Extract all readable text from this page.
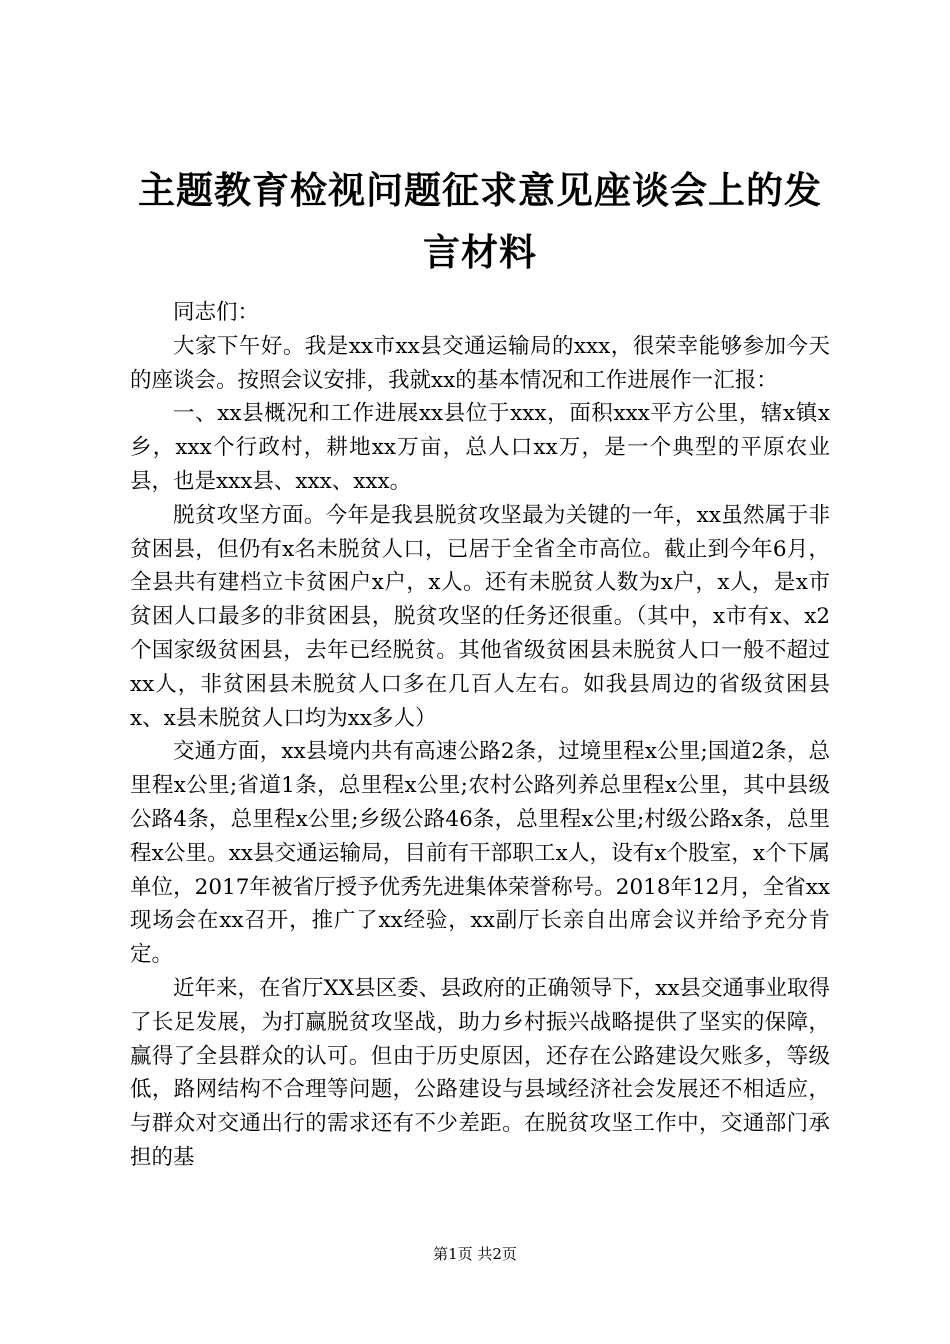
主题教育检视问题征求意见座谈会上的发言材料

同志们：

大家下午好。我是xx市xx县交通运输局的xxx，很荣幸能够参加今天的座谈会。按照会议安排，我就xx的基本情况和工作进展作一汇报：

一、xx县概况和工作进展xx县位于xxx，面积xxx平方公里，辖x镇x乡，xxx个行政村，耕地xx万亩，总人口xx万，是一个典型的平原农业县，也是xxx县、xxx、xxx。

脱贫攻坚方面。今年是我县脱贫攻坚最为关键的一年，xx虽然属于非贫困县，但仍有x名未脱贫人口，已居于全省全市高位。截止到今年6月，全县共有建档立卡贫困户x户，x人。还有未脱贫人数为x户，x人，是x市贫困人口最多的非贫困县，脱贫攻坚的任务还很重。（其中，x市有x、x2个国家级贫困县，去年已经脱贫。其他省级贫困县未脱贫人口一般不超过xx人，非贫困县未脱贫人口多在几百人左右。如我县周边的省级贫困县x、x县未脱贫人口均为xx多人）

交通方面，xx县境内共有高速公路2条，过境里程x公里;国道2条，总里程x公里;省道1条，总里程x公里;农村公路列养总里程x公里，其中县级公路4条，总里程x公里;乡级公路46条，总里程x公里;村级公路x条，总里程x公里。xx县交通运输局，目前有干部职工x人，设有x个股室，x个下属单位，2017年被省厅授予优秀先进集体荣誉称号。2018年12月，全省xx现场会在xx召开，推广了xx经验，xx副厅长亲自出席会议并给予充分肯定。

近年来，在省厅XX县区委、县政府的正确领导下，xx县交通事业取得了长足发展，为打赢脱贫攻坚战，助力乡村振兴战略提供了坚实的保障，赢得了全县群众的认可。但由于历史原因，还存在公路建设欠账多，等级低，路网结构不合理等问题，公路建设与县域经济社会发展还不相适应，与群众对交通出行的需求还有不少差距。在脱贫攻坚工作中，交通部门承担的基

第1页 共2页
